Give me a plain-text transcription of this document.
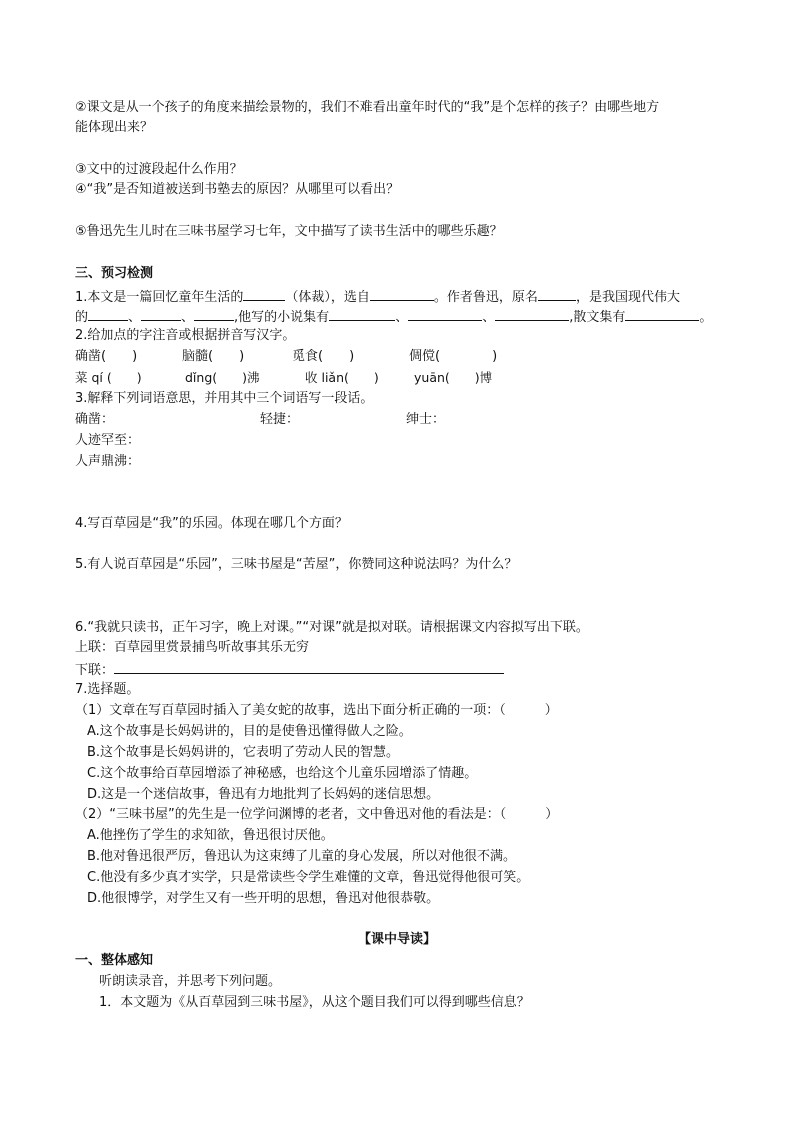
②课文是从一个孩子的角度来描绘景物的，我们不难看出童年时代的“我”是个怎样的孩子？由哪些地方
能体现出来？
③文中的过渡段起什么作用？
④“我”是否知道被送到书塾去的原因？从哪里可以看出？
⑤鲁迅先生儿时在三味书屋学习七年，文中描写了读书生活中的哪些乐趣？
三、预习检测
1.本文是一篇回忆童年生活的	（体裁），选自	。作者鲁迅，原名	，是我国现代伟大
的	、	、	,他写的小说集有	、	、	,散文集有	。
2.给加点的字注音或根据拼音写汉字。
确凿(　　)	脑髓(　　)	觅食(　　)	倜傥(　　　　)
菜 qí (　　)	dǐng(　　)沸	收 liǎn(　　)	yuān(　　)博
3.解释下列词语意思，并用其中三个词语写一段话。
确凿：	轻捷：	绅士：
人迹罕至：
人声鼎沸：
4.写百草园是“我”的乐园。体现在哪几个方面？
5.有人说百草园是“乐园”，三味书屋是“苦屋”，你赞同这种说法吗？为什么？
6.“我就只读书，正午习字，晚上对课。”“对课”就是拟对联。请根据课文内容拟写出下联。
上联：百草园里赏景捕鸟听故事其乐无穷
下联：
7.选择题。
（1）文章在写百草园时插入了美女蛇的故事，选出下面分析正确的一项：（　　　）
A.这个故事是长妈妈讲的，目的是使鲁迅懂得做人之险。
B.这个故事是长妈妈讲的，它表明了劳动人民的智慧。
C.这个故事给百草园增添了神秘感，也给这个儿童乐园增添了情趣。
D.这是一个迷信故事，鲁迅有力地批判了长妈妈的迷信思想。
（2）“三味书屋”的先生是一位学问渊博的老者，文中鲁迅对他的看法是：（　　　）
A.他挫伤了学生的求知欲，鲁迅很讨厌他。
B.他对鲁迅很严厉，鲁迅认为这束缚了儿童的身心发展，所以对他很不满。
C.他没有多少真才实学，只是常读些令学生难懂的文章，鲁迅觉得他很可笑。
D.他很博学，对学生又有一些开明的思想，鲁迅对他很恭敬。
【课中导读】
一、整体感知
听朗读录音，并思考下列问题。
1．本文题为《从百草园到三味书屋》，从这个题目我们可以得到哪些信息？
